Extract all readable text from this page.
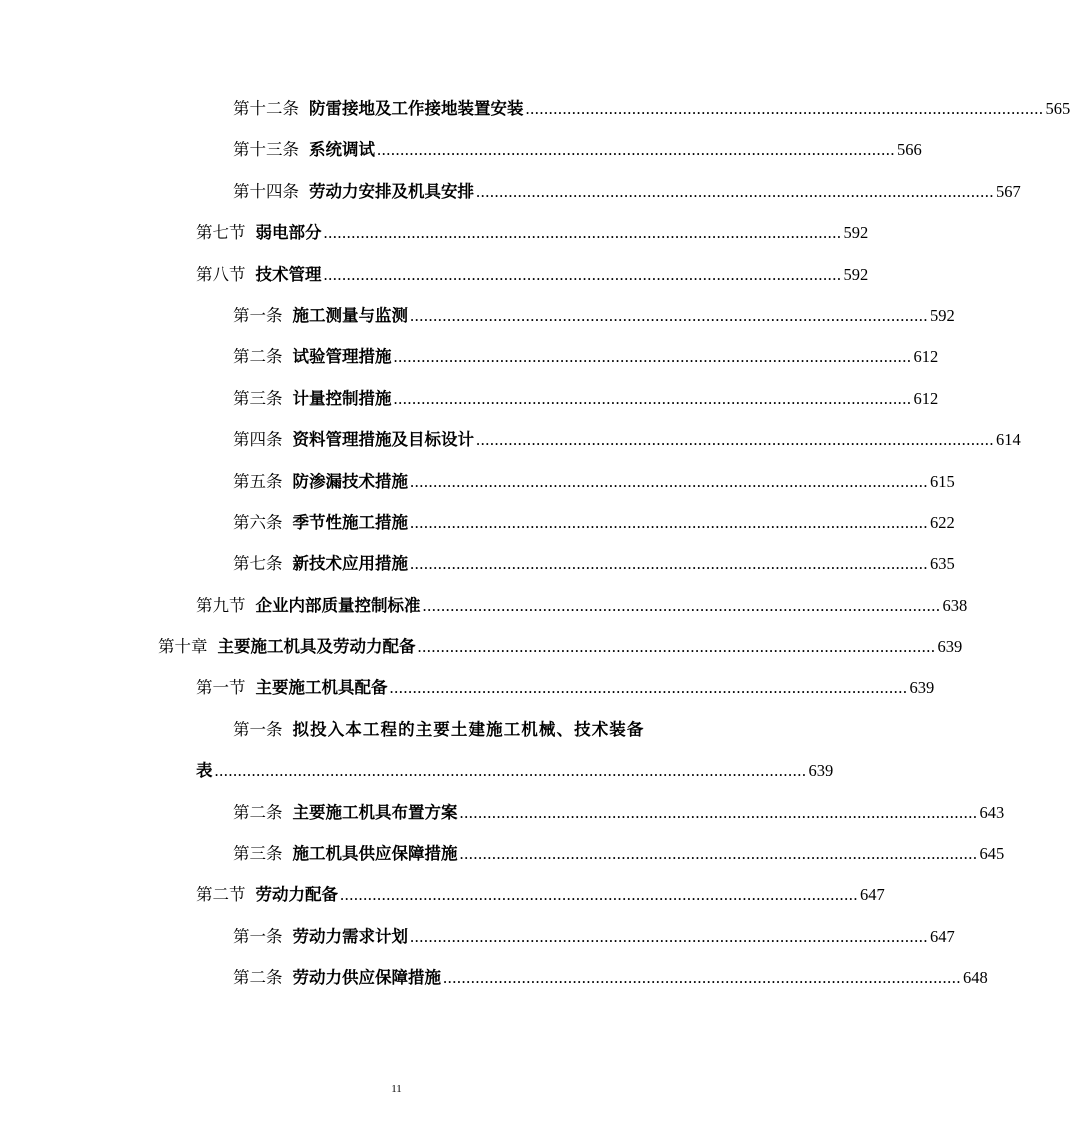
第十二条 防雷接地及工作接地装置安装 ................................................................................................................ 565
第十三条 系统调试 ................................................................................................................ 566
第十四条 劳动力安排及机具安排 ................................................................................................................ 567
第七节 弱电部分 ................................................................................................................ 592
第八节 技术管理 ................................................................................................................ 592
第一条 施工测量与监测 ................................................................................................................ 592
第二条 试验管理措施 ................................................................................................................ 612
第三条 计量控制措施 ................................................................................................................ 612
第四条 资料管理措施及目标设计 ................................................................................................................ 614
第五条 防渗漏技术措施 ................................................................................................................ 615
第六条 季节性施工措施 ................................................................................................................ 622
第七条 新技术应用措施 ................................................................................................................ 635
第九节 企业内部质量控制标准 ................................................................................................................ 638
第十章 主要施工机具及劳动力配备 ................................................................................................................ 639
第一节 主要施工机具配备 ................................................................................................................ 639
第一条 拟投入本工程的主要土建施工机械、技术装备
表 ................................................................................................................................ 639
第二条 主要施工机具布置方案 ................................................................................................................ 643
第三条 施工机具供应保障措施 ................................................................................................................ 645
第二节 劳动力配备 ................................................................................................................ 647
第一条 劳动力需求计划 ................................................................................................................ 647
第二条 劳动力供应保障措施 ................................................................................................................ 648
11
